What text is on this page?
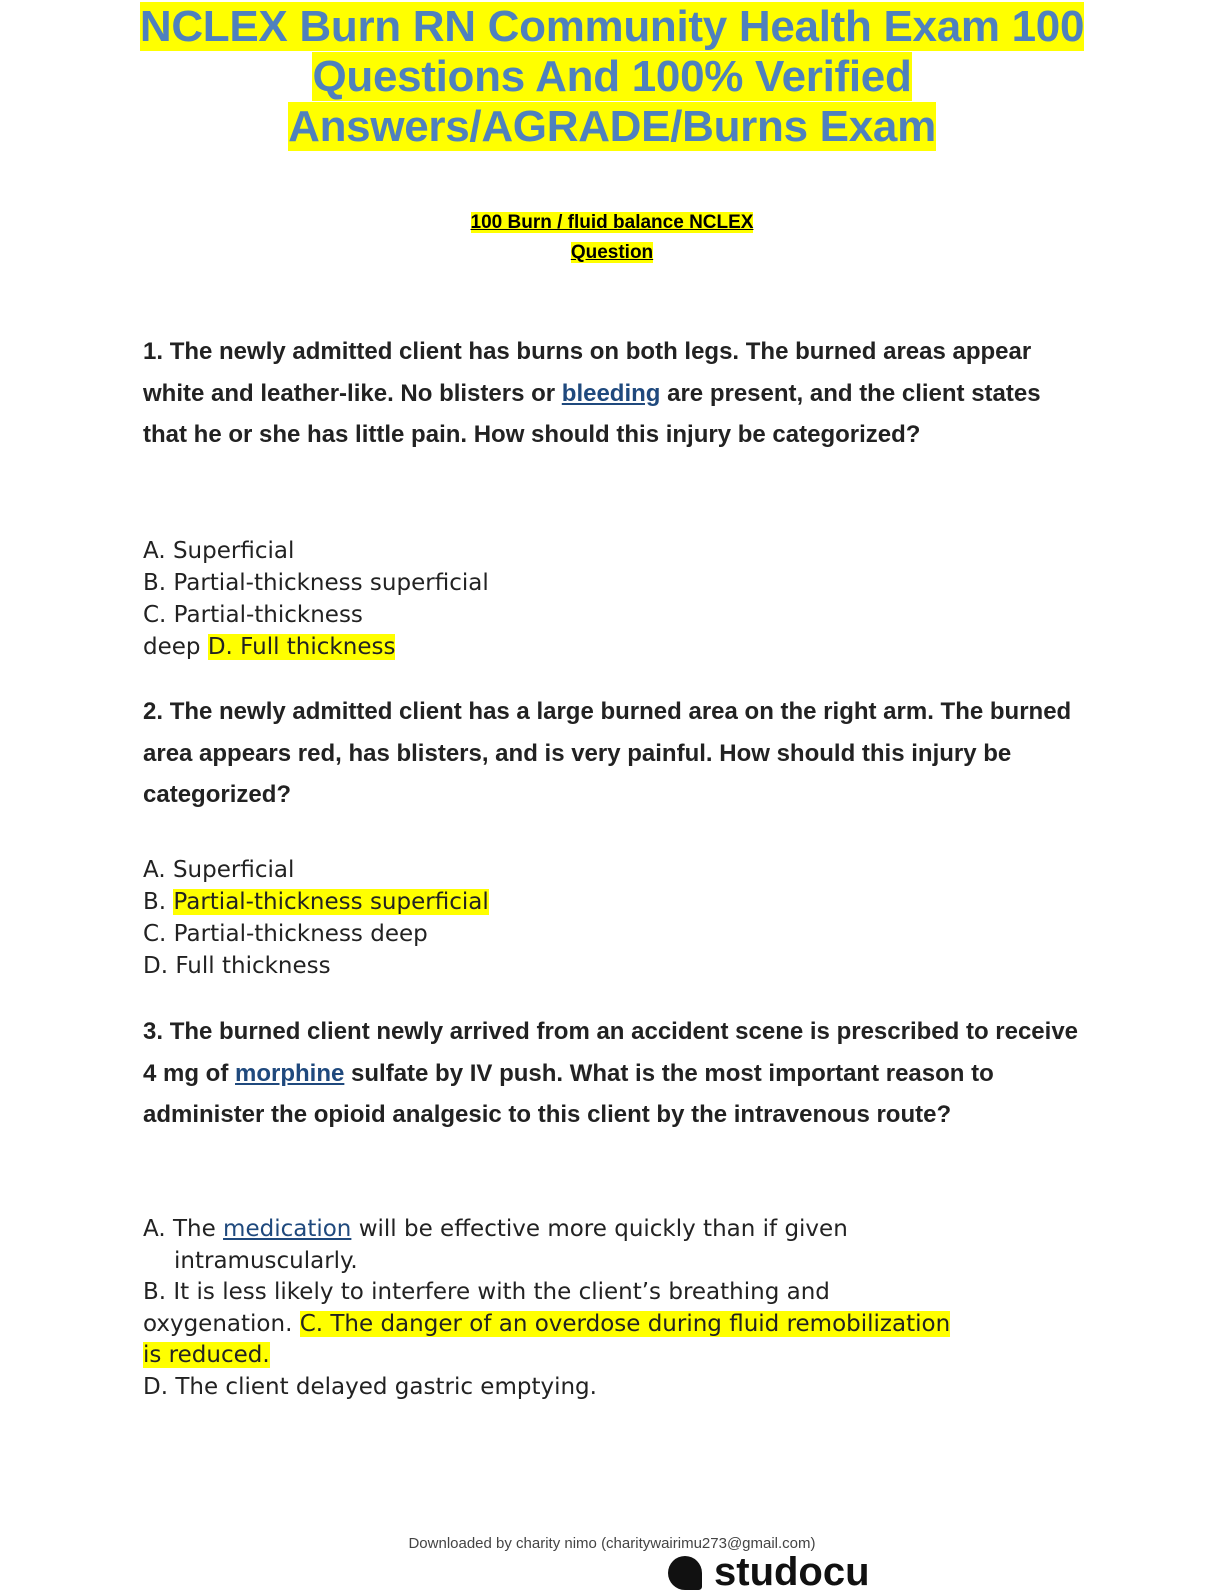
NCLEX Burn RN Community Health Exam 100
Questions And 100% Verified
Answers/AGRADE/Burns Exam
100 Burn / fluid balance NCLEX
Question
1. The newly admitted client has burns on both legs. The burned areas appear white and leather-like. No blisters or bleeding are present, and the client states that he or she has little pain. How should this injury be categorized?
A. Superficial
B. Partial-thickness superficial
C. Partial-thickness
deep D. Full thickness
2. The newly admitted client has a large burned area on the right arm. The burned area appears red, has blisters, and is very painful. How should this injury be categorized?
A. Superficial
B. Partial-thickness superficial
C. Partial-thickness deep
D. Full thickness
3. The burned client newly arrived from an accident scene is prescribed to receive 4 mg of morphine sulfate by IV push. What is the most important reason to administer the opioid analgesic to this client by the intravenous route?
A. The medication will be effective more quickly than if given
intramuscularly.
B. It is less likely to interfere with the client’s breathing and
oxygenation. C. The danger of an overdose during fluid remobilization
is reduced.
D. The client delayed gastric emptying.
Downloaded by charity nimo (charitywairimu273@gmail.com)
studocu
